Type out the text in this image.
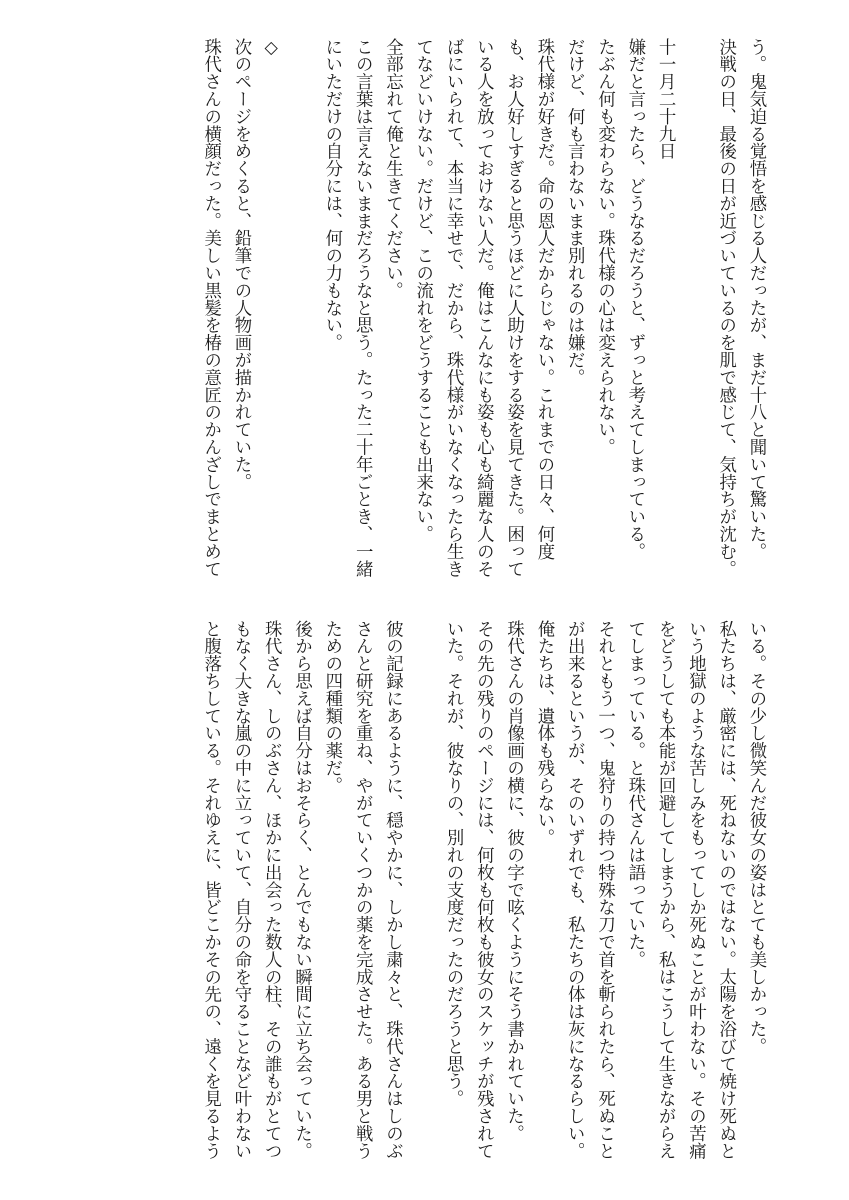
う。鬼気迫る覚悟を感じる人だったが、まだ十八と聞いて驚いた。
決戦の日、最後の日が近づいているのを肌で感じて、気持ちが沈む。
十一月二十九日
嫌だと言ったら、どうなるだろうと、ずっと考えてしまっている。
たぶん何も変わらない。珠代様の心は変えられない。
だけど、何も言わないまま別れるのは嫌だ。
珠代様が好きだ。命の恩人だからじゃない。これまでの日々、何度
も、お人好しすぎると思うほどに人助けをする姿を見てきた。困って
いる人を放っておけない人だ。俺はこんなにも姿も心も綺麗な人のそ
ばにいられて、本当に幸せで、だから、珠代様がいなくなったら生き
てなどいけない。だけど、この流れをどうすることも出来ない。
全部忘れて俺と生きてください。
この言葉は言えないままだろうなと思う。たった二十年ごとき、一緒
にいただけの自分には、何の力もない。
◇
次のページをめくると、鉛筆での人物画が描かれていた。
珠代さんの横顔だった。美しい黒髪を椿の意匠のかんざしでまとめて
いる。その少し微笑んだ彼女の姿はとても美しかった。
私たちは、厳密には、死ねないのではない。太陽を浴びて焼け死ぬと
いう地獄のような苦しみをもってしか死ぬことが叶わない。その苦痛
をどうしても本能が回避してしまうから、私はこうして生きながらえ
てしまっている。と珠代さんは語っていた。
それともう一つ、鬼狩りの持つ特殊な刀で首を斬られたら、死ぬこと
が出来るというが、そのいずれでも、私たちの体は灰になるらしい。
俺たちは、遺体も残らない。
珠代さんの肖像画の横に、彼の字で呟くようにそう書かれていた。
その先の残りのページには、何枚も何枚も彼女のスケッチが残されて
いた。それが、彼なりの、別れの支度だったのだろうと思う。
彼の記録にあるように、穏やかに、しかし粛々と、珠代さんはしのぶ
さんと研究を重ね、やがていくつかの薬を完成させた。ある男と戦う
ための四種類の薬だ。
後から思えば自分はおそらく、とんでもない瞬間に立ち会っていた。
珠代さん、しのぶさん、ほかに出会った数人の柱、その誰もがとてつ
もなく大きな嵐の中に立っていて、自分の命を守ることなど叶わない
と腹落ちしている。それゆえに、皆どこかその先の、遠くを見るよう
